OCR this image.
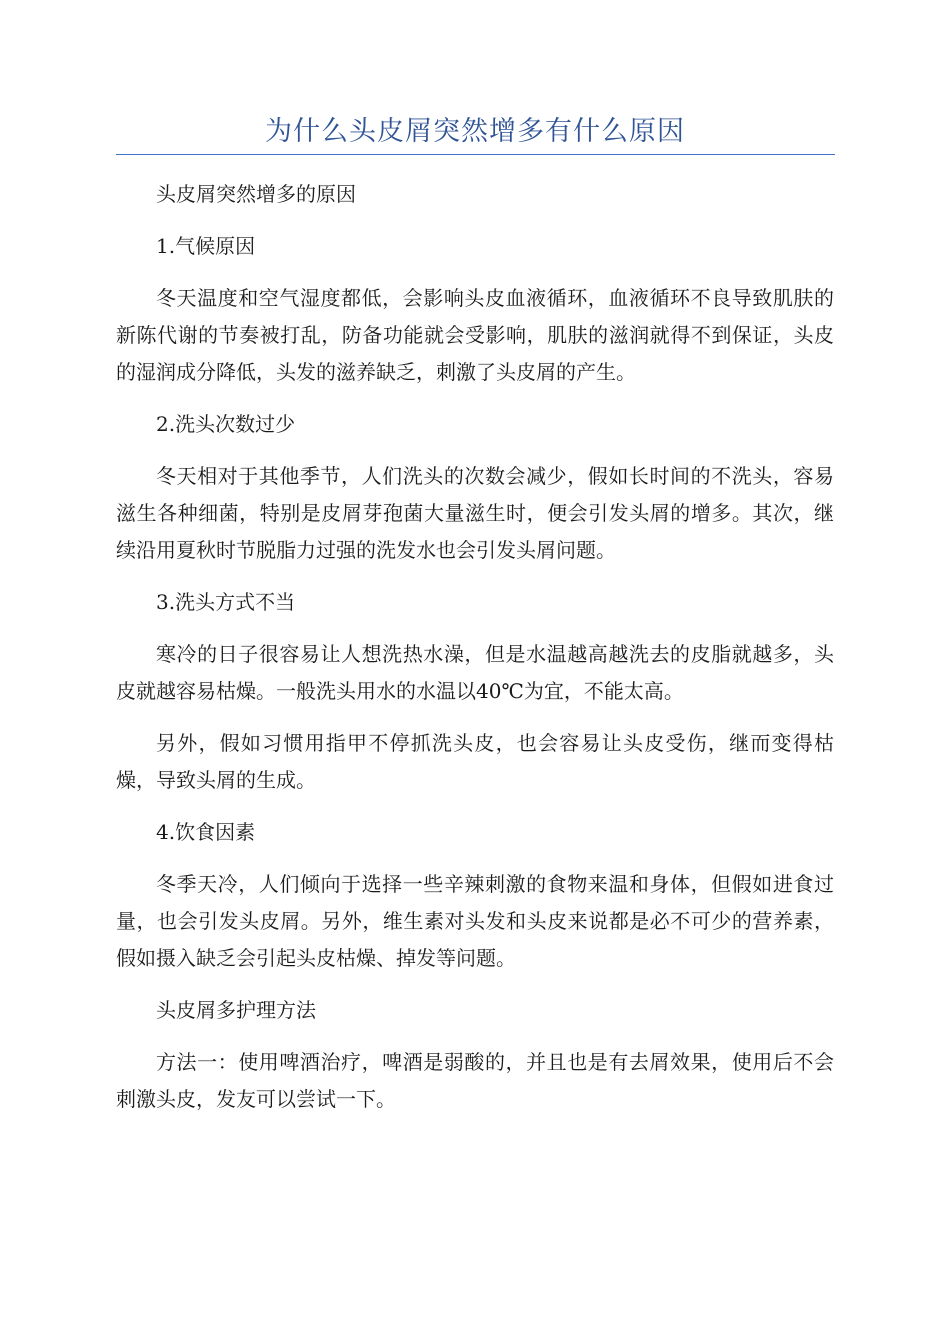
为什么头皮屑突然增多有什么原因

头皮屑突然增多的原因

1.气候原因

冬天温度和空气湿度都低，会影响头皮血液循环，血液循环不良导致肌肤的新陈代谢的节奏被打乱，防备功能就会受影响，肌肤的滋润就得不到保证，头皮的湿润成分降低，头发的滋养缺乏，刺激了头皮屑的产生。

2.洗头次数过少

冬天相对于其他季节，人们洗头的次数会减少，假如长时间的不洗头，容易滋生各种细菌，特别是皮屑芽孢菌大量滋生时，便会引发头屑的增多。其次，继续沿用夏秋时节脱脂力过强的洗发水也会引发头屑问题。

3.洗头方式不当

寒冷的日子很容易让人想洗热水澡，但是水温越高越洗去的皮脂就越多，头皮就越容易枯燥。一般洗头用水的水温以40℃为宜，不能太高。

另外，假如习惯用指甲不停抓洗头皮，也会容易让头皮受伤，继而变得枯燥，导致头屑的生成。

4.饮食因素

冬季天冷，人们倾向于选择一些辛辣刺激的食物来温和身体，但假如进食过量，也会引发头皮屑。另外，维生素对头发和头皮来说都是必不可少的营养素，假如摄入缺乏会引起头皮枯燥、掉发等问题。

头皮屑多护理方法

方法一：使用啤酒治疗，啤酒是弱酸的，并且也是有去屑效果，使用后不会刺激头皮，发友可以尝试一下。
